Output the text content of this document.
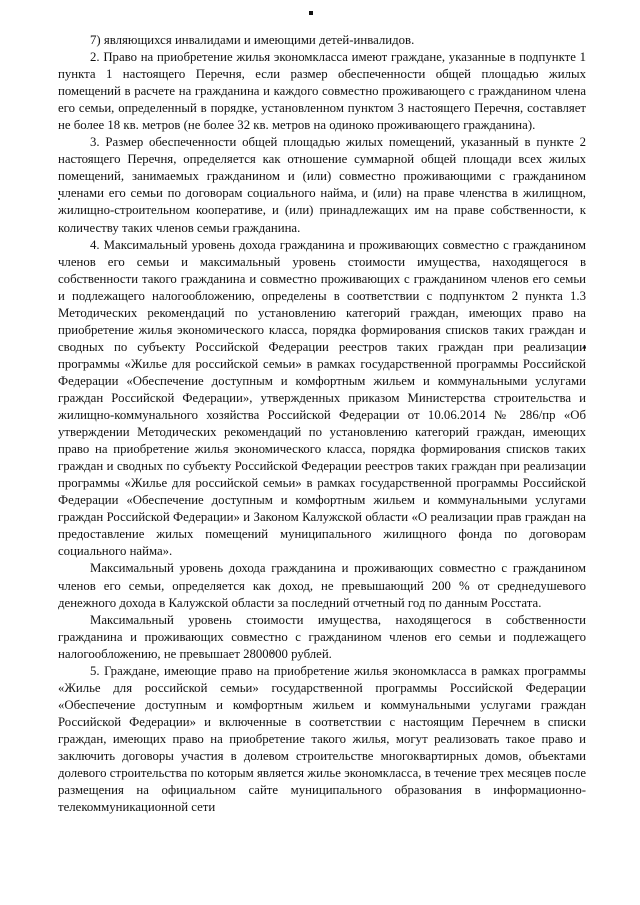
7) являющихся инвалидами и имеющими детей-инвалидов.

2. Право на приобретение жилья экономкласса имеют граждане, указанные в подпункте 1 пункта 1 настоящего Перечня, если размер обеспеченности общей площадью жилых помещений в расчете на гражданина и каждого совместно проживающего с гражданином члена его семьи, определенный в порядке, установленном пунктом 3 настоящего Перечня, составляет не более 18 кв. метров (не более 32 кв. метров на одиноко проживающего гражданина).

3. Размер обеспеченности общей площадью жилых помещений, указанный в пункте 2 настоящего Перечня, определяется как отношение суммарной общей площади всех жилых помещений, занимаемых гражданином и (или) совместно проживающими с гражданином членами его семьи по договорам социального найма, и (или) на праве членства в жилищном, жилищно-строительном кооперативе, и (или) принадлежащих им на праве собственности, к количеству таких членов семьи гражданина.

4. Максимальный уровень дохода гражданина и проживающих совместно с гражданином членов его семьи и максимальный уровень стоимости имущества, находящегося в собственности такого гражданина и совместно проживающих с гражданином членов его семьи и подлежащего налогообложению, определены в соответствии с подпунктом 2 пункта 1.3 Методических рекомендаций по установлению категорий граждан, имеющих право на приобретение жилья экономического класса, порядка формирования списков таких граждан и сводных по субъекту Российской Федерации реестров таких граждан при реализации программы «Жилье для российской семьи» в рамках государственной программы Российской Федерации «Обеспечение доступным и комфортным жильем и коммунальными услугами граждан Российской Федерации», утвержденных приказом Министерства строительства и жилищно-коммунального хозяйства Российской Федерации от 10.06.2014 № 286/пр «Об утверждении Методических рекомендаций по установлению категорий граждан, имеющих право на приобретение жилья экономического класса, порядка формирования списков таких граждан и сводных по субъекту Российской Федерации реестров таких граждан при реализации программы «Жилье для российской семьи» в рамках государственной программы Российской Федерации «Обеспечение доступным и комфортным жильем и коммунальными услугами граждан Российской Федерации» и Законом Калужской области «О реализации прав граждан на предоставление жилых помещений муниципального жилищного фонда по договорам социального найма».

Максимальный уровень дохода гражданина и проживающих совместно с гражданином членов его семьи, определяется как доход, не превышающий 200 % от среднедушевого денежного дохода в Калужской области за последний отчетный год по данным Росстата.

Максимальный уровень стоимости имущества, находящегося в собственности гражданина и проживающих совместно с гражданином членов его семьи и подлежащего налогообложению, не превышает 2800000 рублей.

5. Граждане, имеющие право на приобретение жилья экономкласса в рамках программы «Жилье для российской семьи» государственной программы Российской Федерации «Обеспечение доступным и комфортным жильем и коммунальными услугами граждан Российской Федерации» и включенные в соответствии с настоящим Перечнем в списки граждан, имеющих право на приобретение такого жилья, могут реализовать такое право и заключить договоры участия в долевом строительстве многоквартирных домов, объектами долевого строительства по которым является жилье экономкласса, в течение трех месяцев после размещения на официальном сайте муниципального образования в информационно-телекоммуникационной сети
